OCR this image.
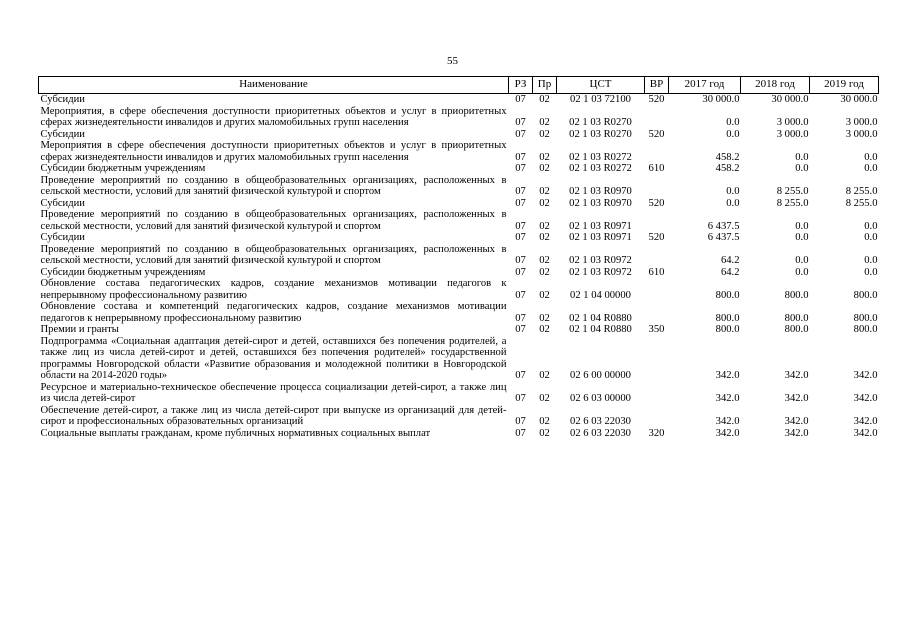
55
Наименование	РЗ	Пр	ЦСТ	ВР	2017 год	2018 год	2019 год

Субсидии	07	02	02 1 03 72100	520	30 000.0	30 000.0	30 000.0

Мероприятия, в сфере обеспечения доступности приоритетных объектов и услуг в приоритетных сферах жизнедеятельности инвалидов и других маломобильных групп населения	07	02	02 1 03 R0270		0.0	3 000.0	3 000.0

Субсидии	07	02	02 1 03 R0270	520	0.0	3 000.0	3 000.0

Мероприятия в сфере обеспечения доступности приоритетных объектов и услуг в приоритетных сферах жизнедеятельности инвалидов и других маломобильных групп населения	07	02	02 1 03 R0272		458.2	0.0	0.0

Субсидии бюджетным учреждениям	07	02	02 1 03 R0272	610	458.2	0.0	0.0

Проведение мероприятий по созданию в общеобразовательных организациях, расположенных в сельской местности, условий для занятий физической культурой и спортом	07	02	02 1 03 R0970		0.0	8 255.0	8 255.0

Субсидии	07	02	02 1 03 R0970	520	0.0	8 255.0	8 255.0

Проведение мероприятий по созданию в общеобразовательных организациях, расположенных в сельской местности, условий для занятий физической культурой и спортом	07	02	02 1 03 R0971		6 437.5	0.0	0.0

Субсидии	07	02	02 1 03 R0971	520	6 437.5	0.0	0.0

Проведение мероприятий по созданию в общеобразовательных организациях, расположенных в сельской местности, условий для занятий физической культурой и спортом	07	02	02 1 03 R0972		64.2	0.0	0.0

Субсидии бюджетным учреждениям	07	02	02 1 03 R0972	610	64.2	0.0	0.0

Обновление состава педагогических кадров, создание механизмов мотивации педагогов к непрерывному профессиональному развитию	07	02	02 1 04 00000		800.0	800.0	800.0

Обновление состава и компетенций педагогических кадров, создание механизмов мотивации педагогов к непрерывному профессиональному развитию	07	02	02 1 04 R0880		800.0	800.0	800.0

Премии и гранты	07	02	02 1 04 R0880	350	800.0	800.0	800.0

Подпрограмма «Социальная адаптация детей-сирот и детей, оставшихся без попечения родителей, а также лиц из числа детей-сирот и детей, оставшихся без попечения родителей» государственной программы Новгородской области «Развитие образования и молодежной политики в Новгородской области на 2014-2020 годы»	07	02	02 6 00 00000		342.0	342.0	342.0

Ресурсное и материально-техническое обеспечение процесса социализации детей-сирот, а также лиц из числа детей-сирот	07	02	02 6 03 00000		342.0	342.0	342.0

Обеспечение детей-сирот, а также лиц из числа детей-сирот при выпуске из организаций для детей-сирот и профессиональных образовательных организаций	07	02	02 6 03 22030		342.0	342.0	342.0

Социальные выплаты гражданам, кроме публичных нормативных социальных выплат	07	02	02 6 03 22030	320	342.0	342.0	342.0
